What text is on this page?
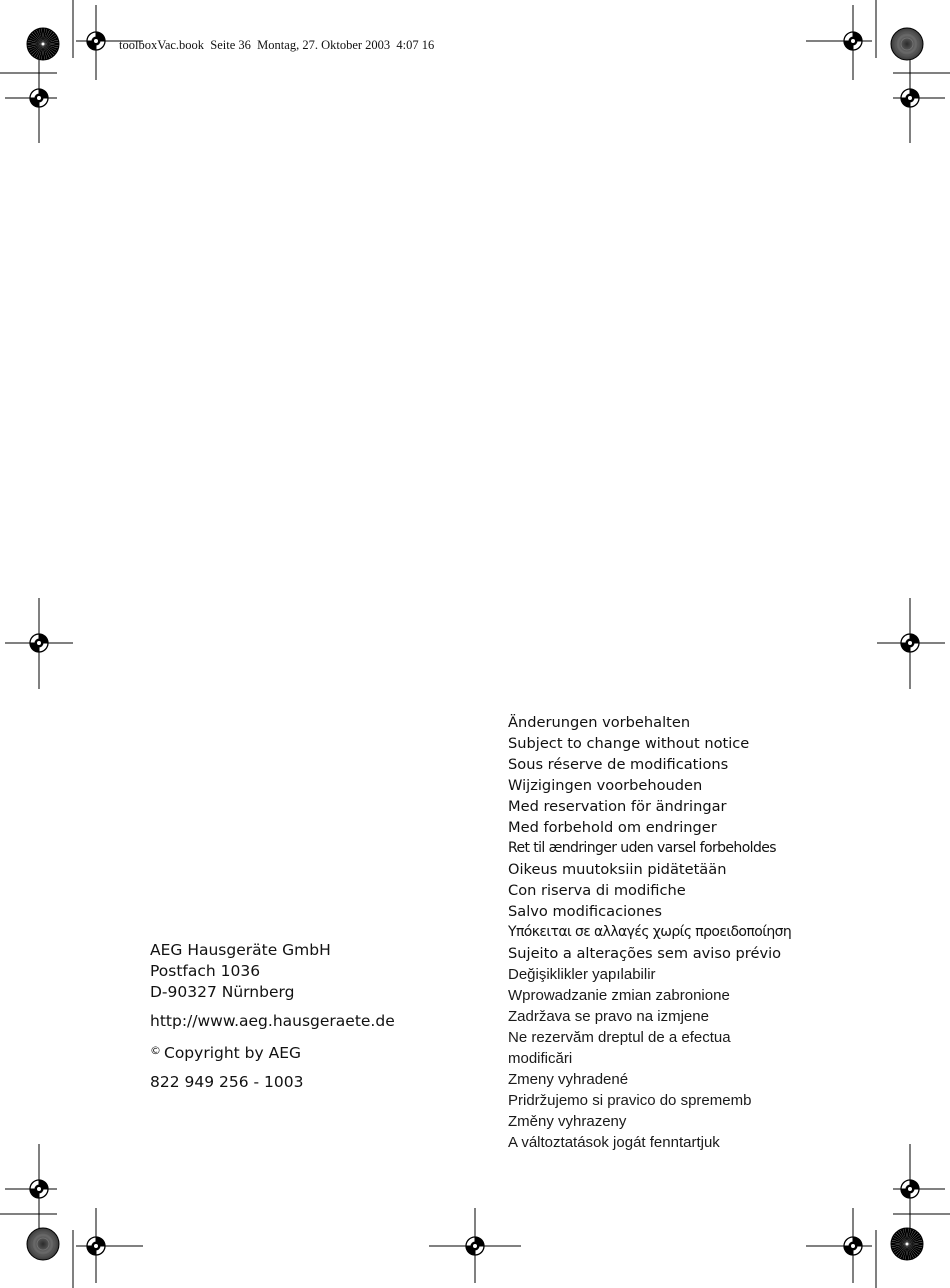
toolboxVac.book  Seite 36  Montag, 27. Oktober 2003  4:07 16
AEG Hausgeräte GmbH
Postfach 1036
D-90327 Nürnberg
http://www.aeg.hausgeraete.de
© Copyright by AEG
822 949 256 - 1003
Änderungen vorbehalten
Subject to change without notice
Sous réserve de modifications
Wijzigingen voorbehouden
Med reservation för ändringar
Med forbehold om endringer
Ret til ændringer uden varsel forbeholdes
Oikeus muutoksiin pidätetään
Con riserva di modifiche
Salvo modificaciones
Υπόκειται σε αλλαγές χωρίς προειδοποίηση
Sujeito a alterações sem aviso prévio
Değişiklikler yapılabilir
Wprowadzanie zmian zabronione
Zadržava se pravo na izmjene
Ne rezervăm dreptul de a efectua
modificări
Zmeny vyhradené
Pridržujemo si pravico do sprememb
Změny vyhrazeny
A változtatások jogát fenntartjuk
